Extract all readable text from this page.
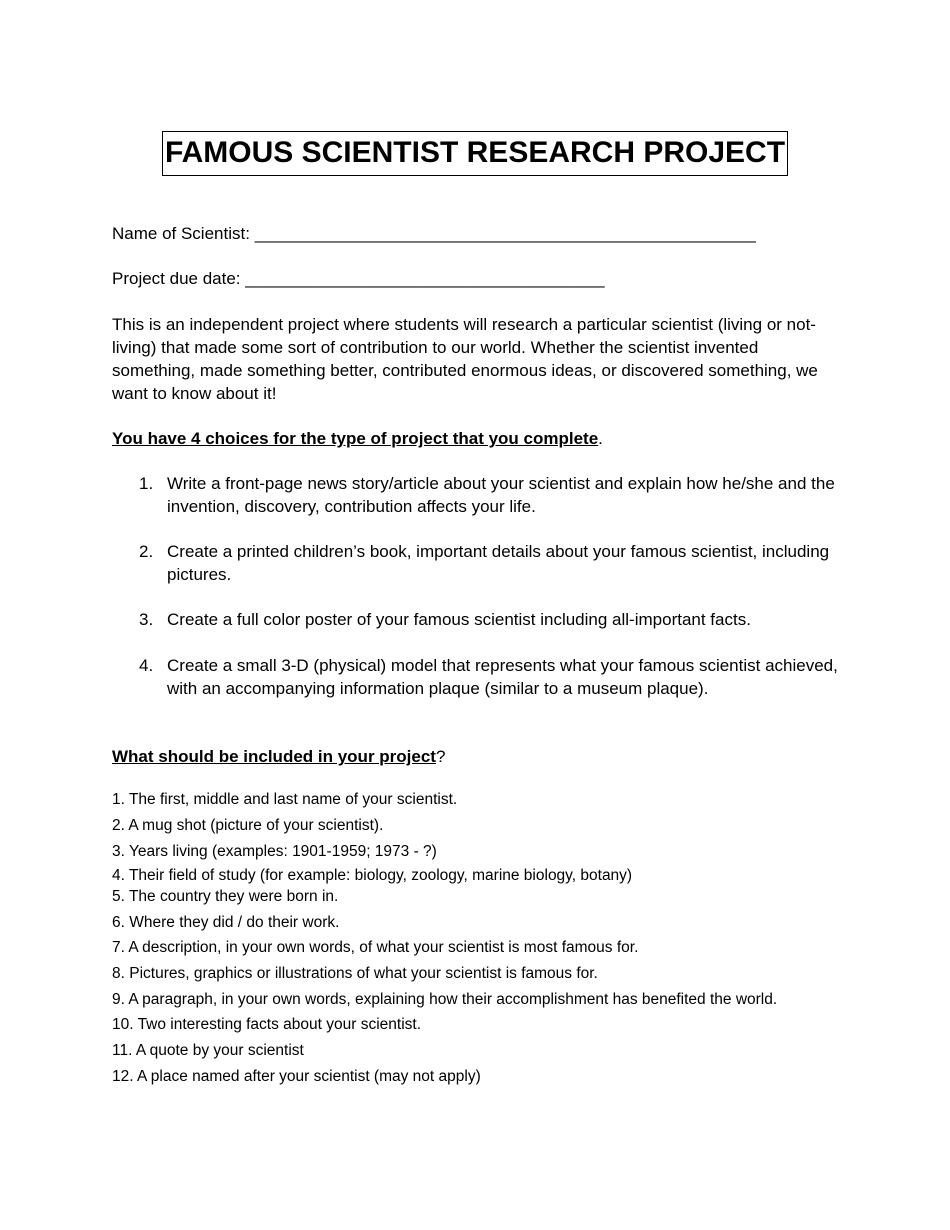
FAMOUS SCIENTIST RESEARCH PROJECT
Name of Scientist: _____________________________________________________
Project due date: ______________________________________
This is an independent project where students will research a particular scientist (living or not-living) that made some sort of contribution to our world. Whether the scientist invented something, made something better, contributed enormous ideas, or discovered something, we want to know about it!
You have 4 choices for the type of project that you complete.
1. Write a front-page news story/article about your scientist and explain how he/she and the invention, discovery, contribution affects your life.
2. Create a printed children’s book, important details about your famous scientist, including pictures.
3. Create a full color poster of your famous scientist including all-important facts.
4. Create a small 3-D (physical) model that represents what your famous scientist achieved, with an accompanying information plaque (similar to a museum plaque).
What should be included in your project?
1. The first, middle and last name of your scientist.
2. A mug shot (picture of your scientist).
3. Years living (examples: 1901-1959; 1973 - ?)
4. Their field of study (for example: biology, zoology, marine biology, botany)
5. The country they were born in.
6. Where they did / do their work.
7. A description, in your own words, of what your scientist is most famous for.
8. Pictures, graphics or illustrations of what your scientist is famous for.
9. A paragraph, in your own words, explaining how their accomplishment has benefited the world.
10. Two interesting facts about your scientist.
11. A quote by your scientist
12. A place named after your scientist (may not apply)
